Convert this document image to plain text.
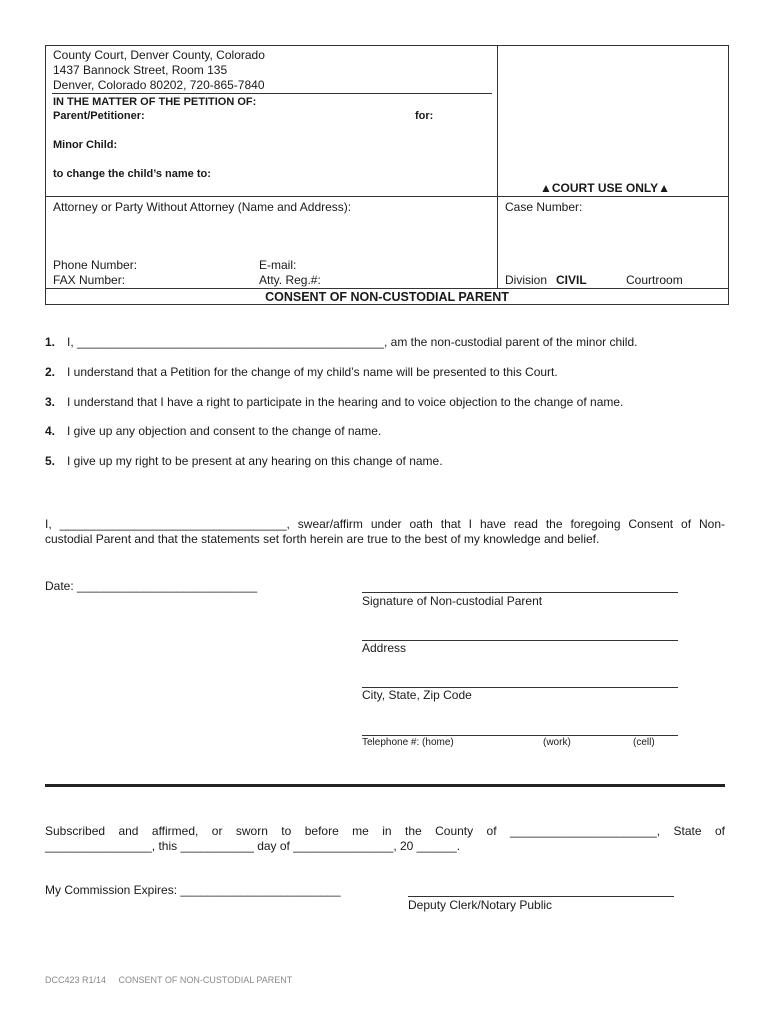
County Court, Denver County, Colorado
1437 Bannock Street, Room 135
Denver, Colorado 80202, 720-865-7840
IN THE MATTER OF THE PETITION OF:
Parent/Petitioner:	for:
Minor Child:
to change the child’s name to:
▲COURT USE ONLY▲
Attorney or Party Without Attorney (Name and Address):	Case Number:
Phone Number:	E-mail:
FAX Number:	Atty. Reg.#:	Division CIVIL	Courtroom
CONSENT OF NON-CUSTODIAL PARENT
1. I, ______________________________________________, am the non-custodial parent of the minor child.
2. I understand that a Petition for the change of my child’s name will be presented to this Court.
3. I understand that I have a right to participate in the hearing and to voice objection to the change of name.
4. I give up any objection and consent to the change of name.
5. I give up my right to be present at any hearing on this change of name.
I, __________________________________, swear/affirm under oath that I have read the foregoing Consent of Non-
custodial Parent and that the statements set forth herein are true to the best of my knowledge and belief.
Date: ___________________________
Signature of Non-custodial Parent
Address
City, State, Zip Code
Telephone #: (home)	(work)	(cell)
Subscribed and affirmed, or sworn to before me in the County of ______________________, State of
________________, this ___________ day of _______________, 20 ______.
My Commission Expires: ________________________
Deputy Clerk/Notary Public
DCC423 R1/14 CONSENT OF NON-CUSTODIAL PARENT
